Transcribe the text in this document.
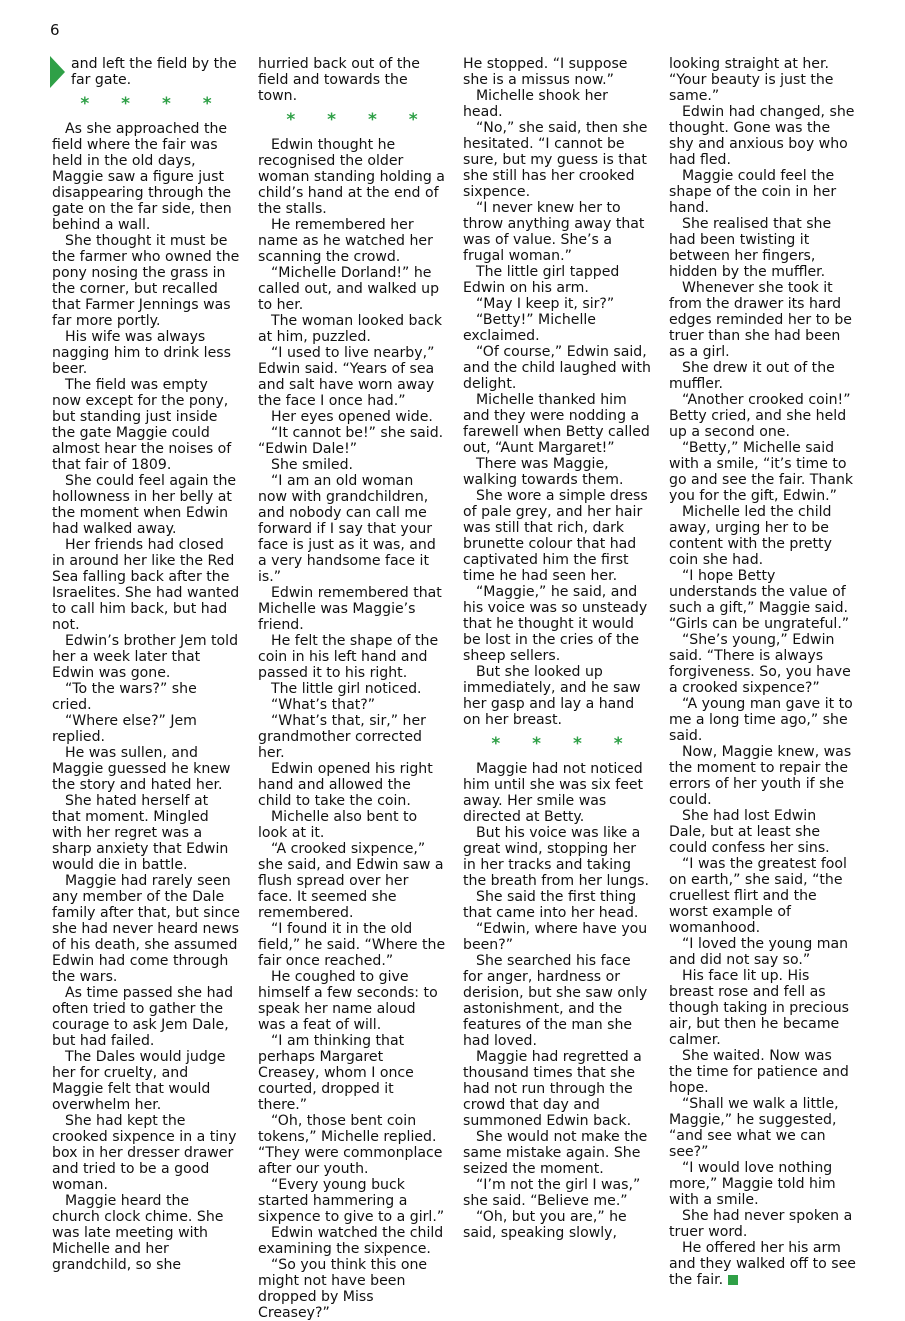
6

and left the field by the far gate.

* * * *

As she approached the field where the fair was held in the old days, Maggie saw a figure just disappearing through the gate on the far side, then behind a wall.

She thought it must be the farmer who owned the pony nosing the grass in the corner, but recalled that Farmer Jennings was far more portly.

His wife was always nagging him to drink less beer.

The field was empty now except for the pony, but standing just inside the gate Maggie could almost hear the noises of that fair of 1809.

She could feel again the hollowness in her belly at the moment when Edwin had walked away.

Her friends had closed in around her like the Red Sea falling back after the Israelites. She had wanted to call him back, but had not.

Edwin’s brother Jem told her a week later that Edwin was gone.

“To the wars?” she cried.

“Where else?” Jem replied.

He was sullen, and Maggie guessed he knew the story and hated her.

She hated herself at that moment. Mingled with her regret was a sharp anxiety that Edwin would die in battle.

Maggie had rarely seen any member of the Dale family after that, but since she had never heard news of his death, she assumed Edwin had come through the wars.

As time passed she had often tried to gather the courage to ask Jem Dale, but had failed.

The Dales would judge her for cruelty, and Maggie felt that would overwhelm her.

She had kept the crooked sixpence in a tiny box in her dresser drawer and tried to be a good woman.

Maggie heard the church clock chime. She was late meeting with Michelle and her grandchild, so she

hurried back out of the field and towards the town.

* * * *

Edwin thought he recognised the older woman standing holding a child’s hand at the end of the stalls.

He remembered her name as he watched her scanning the crowd.

“Michelle Dorland!” he called out, and walked up to her.

The woman looked back at him, puzzled.

“I used to live nearby,” Edwin said. “Years of sea and salt have worn away the face I once had.”

Her eyes opened wide.

“It cannot be!” she said. “Edwin Dale!”

She smiled.

“I am an old woman now with grandchildren, and nobody can call me forward if I say that your face is just as it was, and a very handsome face it is.”

Edwin remembered that Michelle was Maggie’s friend.

He felt the shape of the coin in his left hand and passed it to his right.

The little girl noticed.

“What’s that?”

“What’s that, sir,” her grandmother corrected her.

Edwin opened his right hand and allowed the child to take the coin.

Michelle also bent to look at it.

“A crooked sixpence,” she said, and Edwin saw a flush spread over her face. It seemed she remembered.

“I found it in the old field,” he said. “Where the fair once reached.”

He coughed to give himself a few seconds: to speak her name aloud was a feat of will.

“I am thinking that perhaps Margaret Creasey, whom I once courted, dropped it there.”

“Oh, those bent coin tokens,” Michelle replied. “They were commonplace after our youth.

“Every young buck started hammering a sixpence to give to a girl.”

Edwin watched the child examining the sixpence.

“So you think this one might not have been dropped by Miss Creasey?”

He stopped. “I suppose she is a missus now.”

Michelle shook her head.

“No,” she said, then she hesitated. “I cannot be sure, but my guess is that she still has her crooked sixpence.

“I never knew her to throw anything away that was of value. She’s a frugal woman.”

The little girl tapped Edwin on his arm.

“May I keep it, sir?”

“Betty!” Michelle exclaimed.

“Of course,” Edwin said, and the child laughed with delight.

Michelle thanked him and they were nodding a farewell when Betty called out, “Aunt Margaret!”

There was Maggie, walking towards them.

She wore a simple dress of pale grey, and her hair was still that rich, dark brunette colour that had captivated him the first time he had seen her.

“Maggie,” he said, and his voice was so unsteady that he thought it would be lost in the cries of the sheep sellers.

But she looked up immediately, and he saw her gasp and lay a hand on her breast.

* * * *

Maggie had not noticed him until she was six feet away. Her smile was directed at Betty.

But his voice was like a great wind, stopping her in her tracks and taking the breath from her lungs.

She said the first thing that came into her head.

“Edwin, where have you been?”

She searched his face for anger, hardness or derision, but she saw only astonishment, and the features of the man she had loved.

Maggie had regretted a thousand times that she had not run through the crowd that day and summoned Edwin back.

She would not make the same mistake again. She seized the moment.

“I’m not the girl I was,” she said. “Believe me.”

“Oh, but you are,” he said, speaking slowly,

looking straight at her. “Your beauty is just the same.”

Edwin had changed, she thought. Gone was the shy and anxious boy who had fled.

Maggie could feel the shape of the coin in her hand.

She realised that she had been twisting it between her fingers, hidden by the muffler.

Whenever she took it from the drawer its hard edges reminded her to be truer than she had been as a girl.

She drew it out of the muffler.

“Another crooked coin!” Betty cried, and she held up a second one.

“Betty,” Michelle said with a smile, “it’s time to go and see the fair. Thank you for the gift, Edwin.”

Michelle led the child away, urging her to be content with the pretty coin she had.

“I hope Betty understands the value of such a gift,” Maggie said. “Girls can be ungrateful.”

“She’s young,” Edwin said. “There is always forgiveness. So, you have a crooked sixpence?”

“A young man gave it to me a long time ago,” she said.

Now, Maggie knew, was the moment to repair the errors of her youth if she could.

She had lost Edwin Dale, but at least she could confess her sins.

“I was the greatest fool on earth,” she said, “the cruellest flirt and the worst example of womanhood.

“I loved the young man and did not say so.”

His face lit up. His breast rose and fell as though taking in precious air, but then he became calmer.

She waited. Now was the time for patience and hope.

“Shall we walk a little, Maggie,” he suggested, “and see what we can see?”

“I would love nothing more,” Maggie told him with a smile.

She had never spoken a truer word.

He offered her his arm and they walked off to see the fair.
